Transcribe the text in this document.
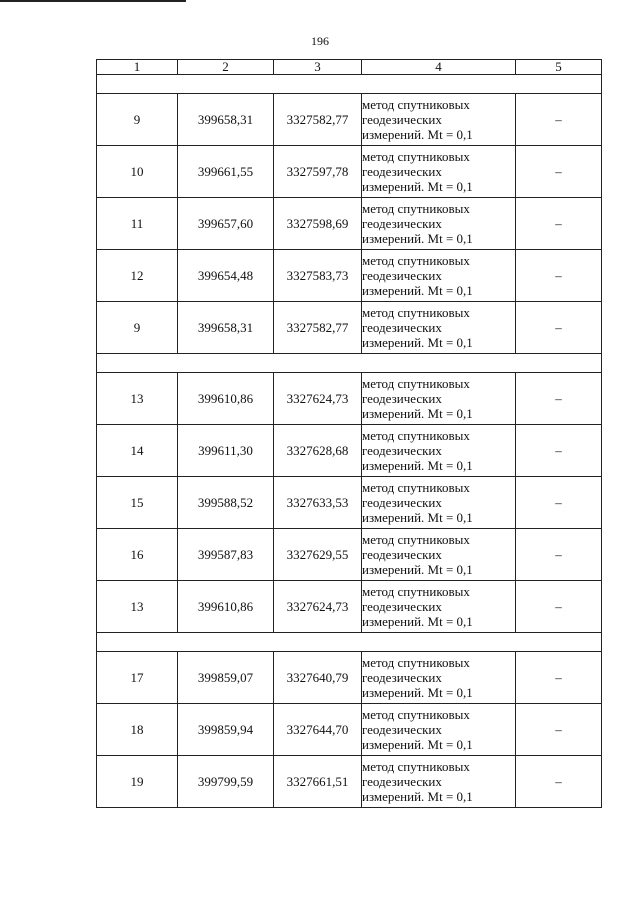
196
1	2	3	4	5

9	399658,31	3327582,77	метод спутниковых
геодезических
измерений. Mt = 0,1	–
10	399661,55	3327597,78	метод спутниковых
геодезических
измерений. Mt = 0,1	–
11	399657,60	3327598,69	метод спутниковых
геодезических
измерений. Mt = 0,1	–
12	399654,48	3327583,73	метод спутниковых
геодезических
измерений. Mt = 0,1	–
9	399658,31	3327582,77	метод спутниковых
геодезических
измерений. Mt = 0,1	–

13	399610,86	3327624,73	метод спутниковых
геодезических
измерений. Mt = 0,1	–
14	399611,30	3327628,68	метод спутниковых
геодезических
измерений. Mt = 0,1	–
15	399588,52	3327633,53	метод спутниковых
геодезических
измерений. Mt = 0,1	–
16	399587,83	3327629,55	метод спутниковых
геодезических
измерений. Mt = 0,1	–
13	399610,86	3327624,73	метод спутниковых
геодезических
измерений. Mt = 0,1	–

17	399859,07	3327640,79	метод спутниковых
геодезических
измерений. Mt = 0,1	–
18	399859,94	3327644,70	метод спутниковых
геодезических
измерений. Mt = 0,1	–
19	399799,59	3327661,51	метод спутниковых
геодезических
измерений. Mt = 0,1	–
